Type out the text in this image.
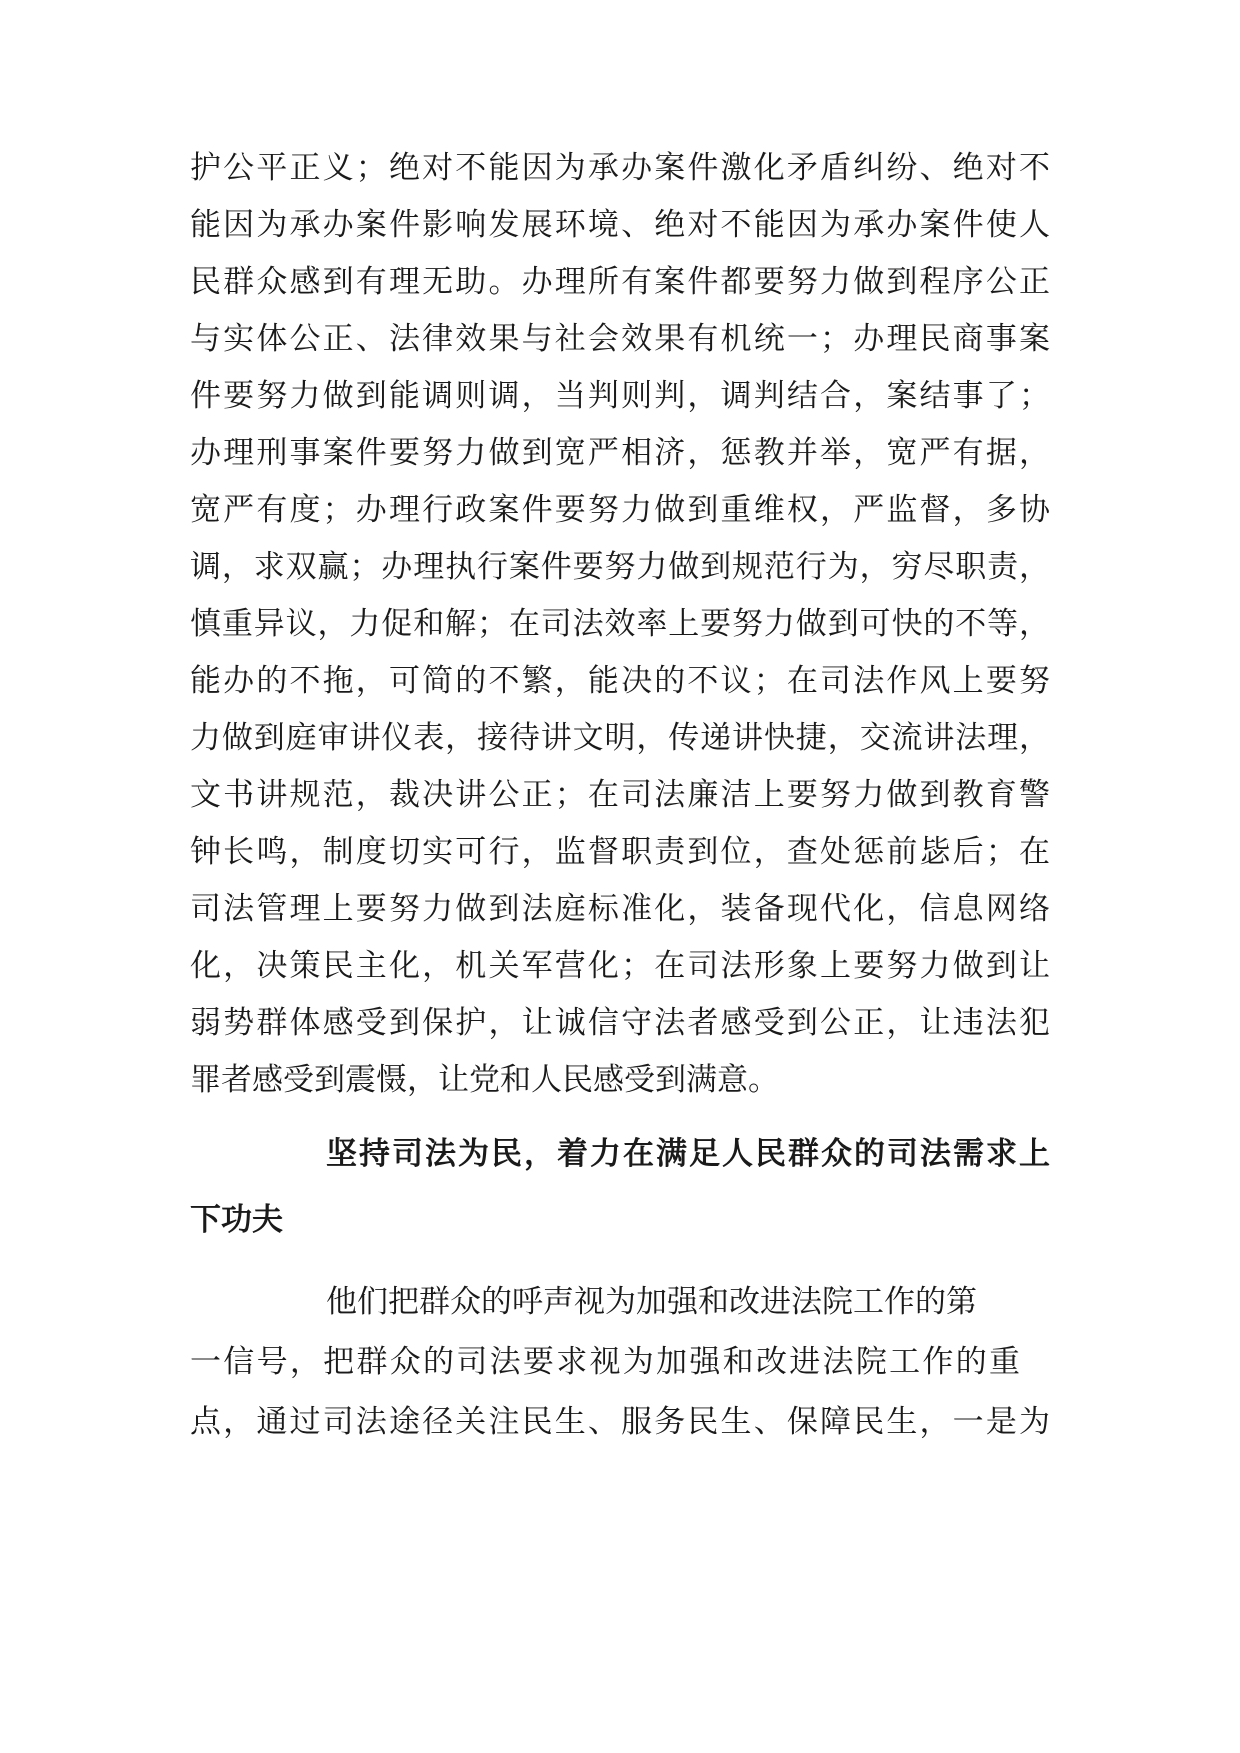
护公平正义；绝对不能因为承办案件激化矛盾纠纷、绝对不
能因为承办案件影响发展环境、绝对不能因为承办案件使人
民群众感到有理无助。办理所有案件都要努力做到程序公正
与实体公正、法律效果与社会效果有机统一；办理民商事案
件要努力做到能调则调，当判则判，调判结合，案结事了；
办理刑事案件要努力做到宽严相济，惩教并举，宽严有据，
宽严有度；办理行政案件要努力做到重维权，严监督，多协
调，求双赢；办理执行案件要努力做到规范行为，穷尽职责，
慎重异议，力促和解；在司法效率上要努力做到可快的不等，
能办的不拖，可简的不繁，能决的不议；在司法作风上要努
力做到庭审讲仪表，接待讲文明，传递讲快捷，交流讲法理，
文书讲规范，裁决讲公正；在司法廉洁上要努力做到教育警
钟长鸣，制度切实可行，监督职责到位，查处惩前毖后；在
司法管理上要努力做到法庭标准化，装备现代化，信息网络
化，决策民主化，机关军营化；在司法形象上要努力做到让
弱势群体感受到保护，让诚信守法者感受到公正，让违法犯
罪者感受到震慑，让党和人民感受到满意。
坚持司法为民，着力在满足人民群众的司法需求上
下功夫
他们把群众的呼声视为加强和改进法院工作的第
一信号，把群众的司法要求视为加强和改进法院工作的重
点，通过司法途径关注民生、服务民生、保障民生，一是为
